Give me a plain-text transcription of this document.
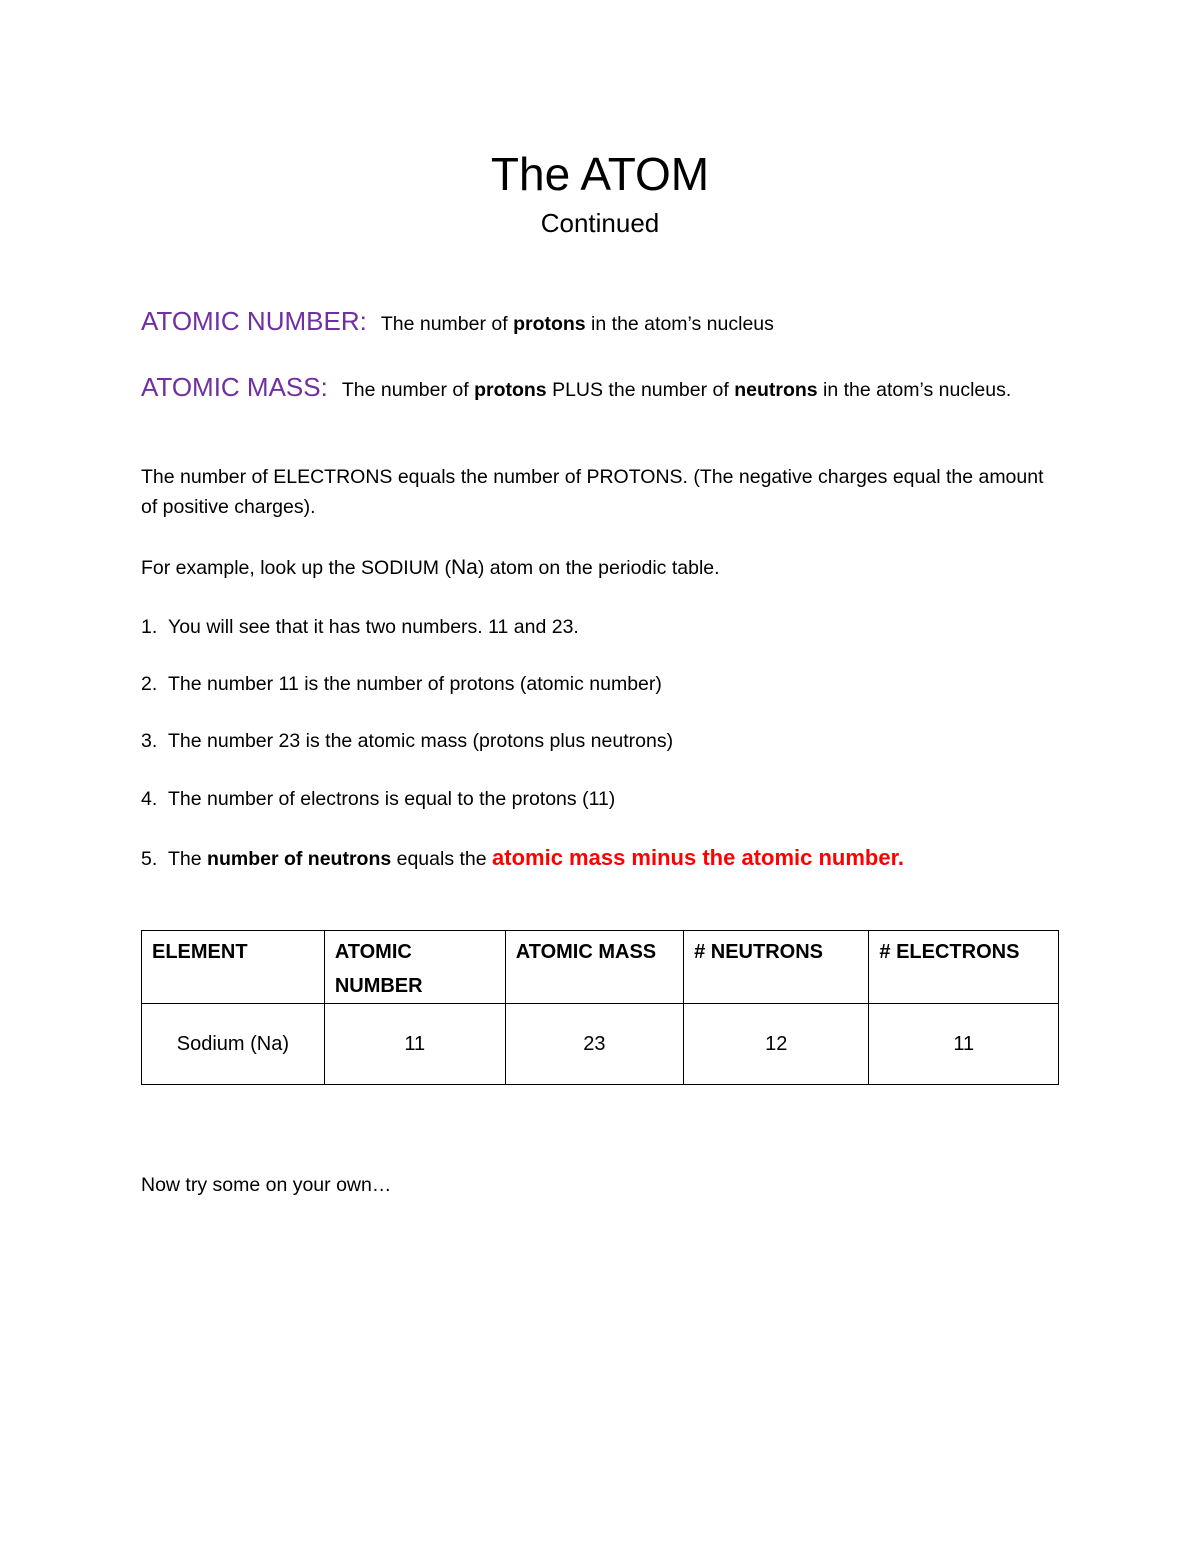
The ATOM
Continued
ATOMIC NUMBER: The number of protons in the atom’s nucleus
ATOMIC MASS: The number of protons PLUS the number of neutrons in the atom’s nucleus.
The number of ELECTRONS equals the number of PROTONS. (The negative charges equal the amount of positive charges).
For example, look up the SODIUM (Na) atom on the periodic table.
1. You will see that it has two numbers. 11 and 23.
2. The number 11 is the number of protons (atomic number)
3. The number 23 is the atomic mass (protons plus neutrons)
4. The number of electrons is equal to the protons (11)
5. The number of neutrons equals the atomic mass minus the atomic number.
ELEMENT	ATOMIC NUMBER	ATOMIC MASS	# NEUTRONS	# ELECTRONS
Sodium (Na)	11	23	12	11
Now try some on your own…
